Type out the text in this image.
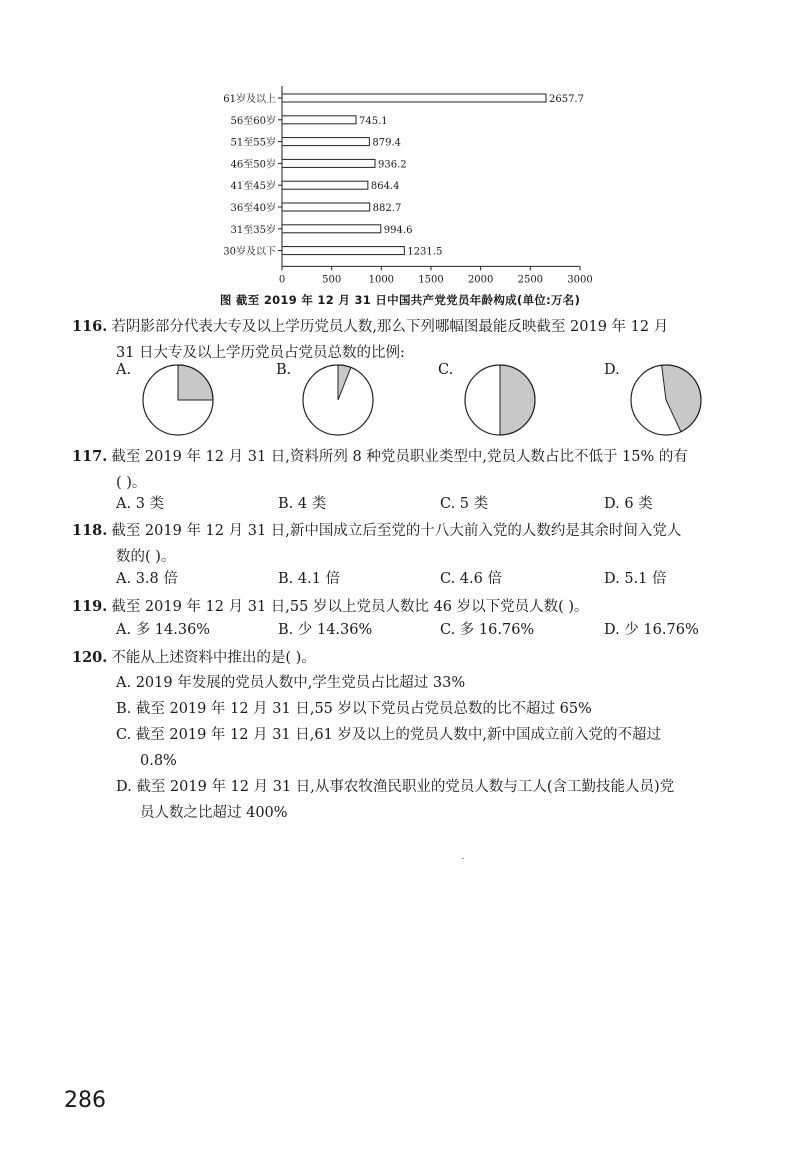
61岁及以上	2657.7
56至60岁	745.1
51至55岁	879.4
46至50岁	936.2
41至45岁	864.4
36至40岁	882.7
31至35岁	994.6
30岁及以下	1231.5
0	500	1000 1500 2000 2500 3000
图 截至 2019 年 12 月 31 日中国共产党党员年龄构成(单位:万名)
116. 若阴影部分代表大专及以上学历党员人数,那么下列哪幅图最能反映截至 2019 年 12 月
31 日大专及以上学历党员占党员总数的比例:
A.	B.	C.	D.
117. 截至 2019 年 12 月 31 日,资料所列 8 种党员职业类型中,党员人数占比不低于 15% 的有
( )。
A. 3 类	B. 4 类	C. 5 类	D. 6 类
118. 截至 2019 年 12 月 31 日,新中国成立后至党的十八大前入党的人数约是其余时间入党人
数的( )。
A. 3.8 倍	B. 4.1 倍	C. 4.6 倍	D. 5.1 倍
119. 截至 2019 年 12 月 31 日,55 岁以上党员人数比 46 岁以下党员人数( )。
A. 多 14.36%	B. 少 14.36%	C. 多 16.76%	D. 少 16.76%
120. 不能从上述资料中推出的是( )。
A. 2019 年发展的党员人数中,学生党员占比超过 33%
B. 截至 2019 年 12 月 31 日,55 岁以下党员占党员总数的比不超过 65%
C. 截至 2019 年 12 月 31 日,61 岁及以上的党员人数中,新中国成立前入党的不超过
0.8%
D. 截至 2019 年 12 月 31 日,从事农牧渔民职业的党员人数与工人(含工勤技能人员)党
员人数之比超过 400%
286
